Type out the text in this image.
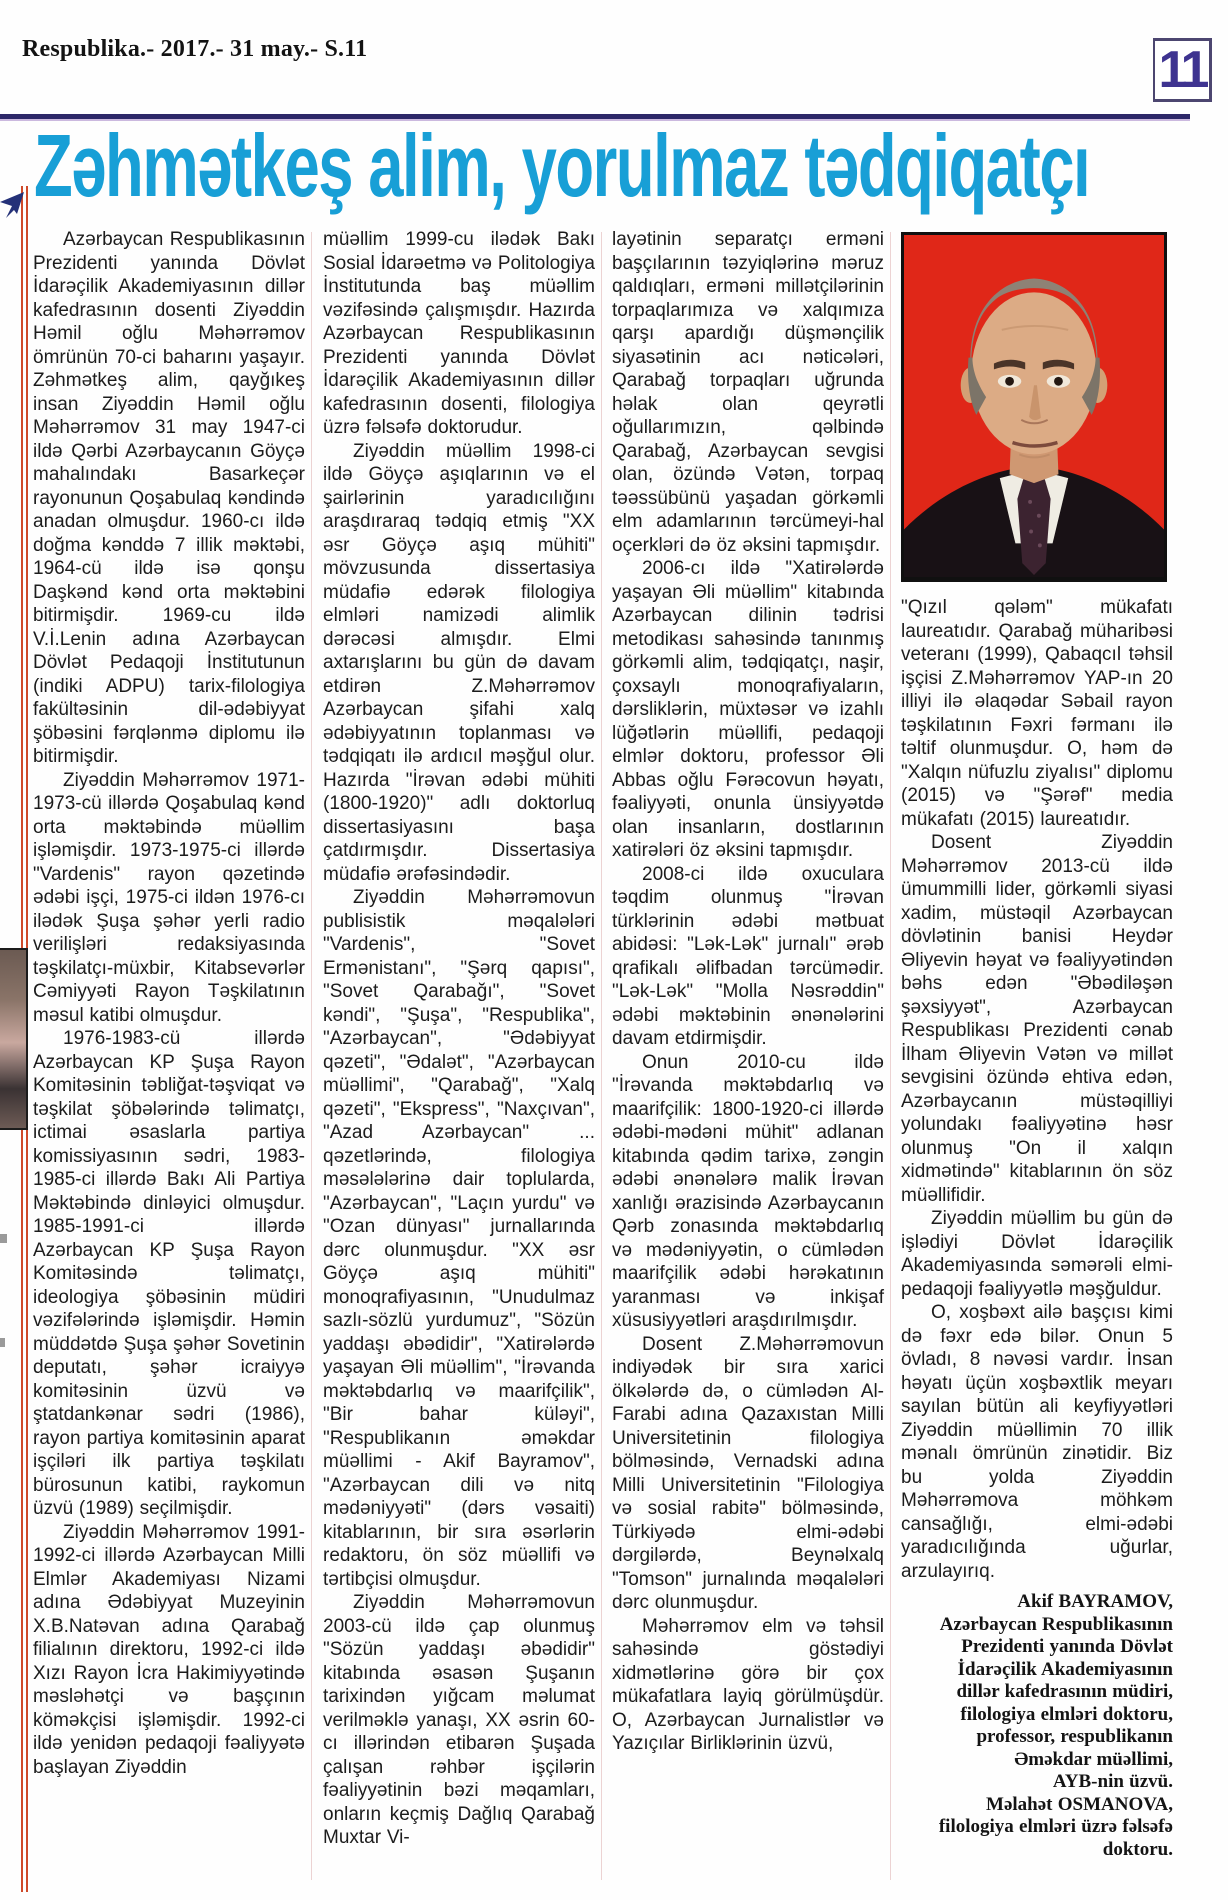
Respublika.- 2017.- 31 may.- S.11	11
Zəhmətkeş alim, yorulmaz tədqiqatçı
Azərbaycan Respublikasının Prezidenti yanında Dövlət İdarəçilik Akademiyasının dillər kafedrasının dosenti Ziyəddin Həmil oğlu Məhərrəmov ömrünün 70-ci baharını yaşayır. Zəhmətkeş alim, qayğıkeş insan Ziyəddin Həmil oğlu Məhərrəmov 31 may 1947-ci ildə Qərbi Azərbaycanın Göyçə mahalındakı Basarkeçər rayonunun Qoşabulaq kəndində anadan olmuşdur. 1960-cı ildə doğma kənddə 7 illik məktəbi, 1964-cü ildə isə qonşu Daşkənd kənd orta məktəbini bitirmişdir. 1969-cu ildə V.İ.Lenin adına Azərbaycan Dövlət Pedaqoji İnstitutunun (indiki ADPU) tarix-filologiya fakültəsinin dil-ədəbiyyat şöbəsini fərqlənmə diplomu ilə bitirmişdir.
Ziyəddin Məhərrəmov 1971-1973-cü illərdə Qoşabulaq kənd orta məktəbində müəllim işləmişdir. 1973-1975-ci illərdə "Vardenis" rayon qəzetində ədəbi işçi, 1975-ci ildən 1976-cı ilədək Şuşa şəhər yerli radio verilişləri redaksiyasında təşkilatçı-müxbir, Kitabsevərlər Cəmiyyəti Rayon Təşkilatının məsul katibi olmuşdur.
1976-1983-cü illərdə Azərbaycan KP Şuşa Rayon Komitəsinin təbliğat-təşviqat və təşkilat şöbələrində təlimatçı, ictimai əsaslarla partiya komissiyasının sədri, 1983-1985-ci illərdə Bakı Ali Partiya Məktəbində dinləyici olmuşdur. 1985-1991-ci illərdə Azərbaycan KP Şuşa Rayon Komitəsində təlimatçı, ideologiya şöbəsinin müdiri vəzifələrində işləmişdir. Həmin müddətdə Şuşa şəhər Sovetinin deputatı, şəhər icraiyyə komitəsinin üzvü və ştatdankənar sədri (1986), rayon partiya komitəsinin aparat işçiləri ilk partiya təşkilatı bürosunun katibi, raykomun üzvü (1989) seçilmişdir.
Ziyəddin Məhərrəmov 1991-1992-ci illərdə Azərbaycan Milli Elmlər Akademiyası Nizami adına Ədəbiyyat Muzeyinin X.B.Natəvan adına Qarabağ filialının direktoru, 1992-ci ildə Xızı Rayon İcra Hakimiyyətində məsləhətçi və başçının köməkçisi işləmişdir. 1992-ci ildə yenidən pedaqoji fəaliyyətə başlayan Ziyəddin
müəllim 1999-cu ilədək Bakı Sosial İdarəetmə və Politologiya İnstitutunda baş müəllim vəzifəsində çalışmışdır. Hazırda Azərbaycan Respublikasının Prezidenti yanında Dövlət İdarəçilik Akademiyasının dillər kafedrasının dosenti, filologiya üzrə fəlsəfə doktorudur.
Ziyəddin müəllim 1998-ci ildə Göyçə aşıqlarının və el şairlərinin yaradıcılığını araşdıraraq tədqiq etmiş "XX əsr Göyçə aşıq mühiti" mövzusunda dissertasiya müdafiə edərək filologiya elmləri namizədi alimlik dərəcəsi almışdır. Elmi axtarışlarını bu gün də davam etdirən Z.Məhərrəmov Azərbaycan şifahi xalq ədəbiyyatının toplanması və tədqiqatı ilə ardıcıl məşğul olur. Hazırda "İrəvan ədəbi mühiti (1800-1920)" adlı doktorluq dissertasiyasını başa çatdırmışdır. Dissertasiya müdafiə ərəfəsindədir.
Ziyəddin Məhərrəmovun publisistik məqalələri "Vardenis", "Sovet Ermənistanı", "Şərq qapısı", "Sovet Qarabağı", "Sovet kəndi", "Şuşa", "Respublika", "Azərbaycan", "Ədəbiyyat qəzeti", "Ədalət", "Azərbaycan müəllimi", "Qarabağ", "Xalq qəzeti", "Ekspress", "Naxçıvan", "Azad Azərbaycan" ... qəzetlərində, filologiya məsələlərinə dair toplularda, "Azərbaycan", "Laçın yurdu" və "Ozan dünyası" jurnallarında dərc olunmuşdur. "XX əsr Göyçə aşıq mühiti" monoqrafiyasının, "Unudulmaz sazlı-sözlü yurdumuz", "Sözün yaddaşı əbədidir", "Xatirələrdə yaşayan Əli müəllim", "İrəvanda məktəbdarlıq və maarifçilik", "Bir bahar küləyi", "Respublikanın əməkdar müəllimi - Akif Bayramov", "Azərbaycan dili və nitq mədəniyyəti" (dərs vəsaiti) kitablarının, bir sıra əsərlərin redaktoru, ön söz müəllifi və tərtibçisi olmuşdur.
Ziyəddin Məhərrəmovun 2003-cü ildə çap olunmuş "Sözün yaddaşı əbədidir" kitabında əsasən Şuşanın tarixindən yığcam məlumat verilməklə yanaşı, XX əsrin 60-cı illərindən etibarən Şuşada çalışan rəhbər işçilərin fəaliyyətinin bəzi məqamları, onların keçmiş Dağlıq Qarabağ Muxtar Vi-
layətinin separatçı erməni başçılarının təzyiqlərinə məruz qaldıqları, erməni millətçilərinin torpaqlarımıza və xalqımıza qarşı apardığı düşmənçilik siyasətinin acı nəticələri, Qarabağ torpaqları uğrunda həlak olan qeyrətli oğullarımızın, qəlbində Qarabağ, Azərbaycan sevgisi olan, özündə Vətən, torpaq təəssübünü yaşadan görkəmli elm adamlarının tərcümeyi-hal oçerkləri də öz əksini tapmışdır.
2006-cı ildə "Xatirələrdə yaşayan Əli müəllim" kitabında Azərbaycan dilinin tədrisi metodikası sahəsində tanınmış görkəmli alim, tədqiqatçı, naşir, çoxsaylı monoqrafiyaların, dərsliklərin, müxtəsər və izahlı lüğətlərin müəllifi, pedaqoji elmlər doktoru, professor Əli Abbas oğlu Fərəcovun həyatı, fəaliyyəti, onunla ünsiyyətdə olan insanların, dostlarının xatirələri öz əksini tapmışdır.
2008-ci ildə oxuculara təqdim olunmuş "İrəvan türklərinin ədəbi mətbuat abidəsi: "Lək-Lək" jurnalı" ərəb qrafikalı əlifbadan tərcümədir. "Lək-Lək" "Molla Nəsrəddin" ədəbi məktəbinin ənənələrini davam etdirmişdir.
Onun 2010-cu ildə "İrəvanda məktəbdarlıq və maarifçilik: 1800-1920-ci illərdə ədəbi-mədəni mühit" adlanan kitabında qədim tarixə, zəngin ədəbi ənənələrə malik İrəvan xanlığı ərazisində Azərbaycanın Qərb zonasında məktəbdarlıq və mədəniyyətin, o cümlədən maarifçilik ədəbi hərəkatının yaranması və inkişaf xüsusiyyətləri araşdırılmışdır.
Dosent Z.Məhərrəmovun indiyədək bir sıra xarici ölkələrdə də, o cümlədən Al-Farabi adına Qazaxıstan Milli Universitetinin filologiya bölməsində, Vernadski adına Milli Universitetinin "Filologiya və sosial rabitə" bölməsində, Türkiyədə elmi-ədəbi dərgilərdə, Beynəlxalq "Tomson" jurnalında məqalələri dərc olunmuşdur.
Məhərrəmov elm və təhsil sahəsində göstədiyi xidmətlərinə görə bir çox mükafatlara layiq görülmüşdür. O, Azərbaycan Jurnalistlər və Yazıçılar Birliklərinin üzvü,
"Qızıl qələm" mükafatı laureatıdır. Qarabağ müharibəsi veteranı (1999), Qabaqcıl təhsil işçisi Z.Məhərrəmov YAP-ın 20 illiyi ilə əlaqədar Səbail rayon təşkilatının Fəxri fərmanı ilə təltif olunmuşdur. O, həm də "Xalqın nüfuzlu ziyalısı" diplomu (2015) və "Şərəf" media mükafatı (2015) laureatıdır.
Dosent Ziyəddin Məhərrəmov 2013-cü ildə ümummilli lider, görkəmli siyasi xadim, müstəqil Azərbaycan dövlətinin banisi Heydər Əliyevin həyat və fəaliyyətindən bəhs edən "Əbədiləşən şəxsiyyət", Azərbaycan Respublikası Prezidenti cənab İlham Əliyevin Vətən və millət sevgisini özündə ehtiva edən, Azərbaycanın müstəqilliyi yolundakı fəaliyyətinə həsr olunmuş "On il xalqın xidmətində" kitablarının ön söz müəllifidir.
Ziyəddin müəllim bu gün də işlədiyi Dövlət İdarəçilik Akademiyasında səmərəli elmi-pedaqoji fəaliyyətlə məşğuldur.
O, xoşbəxt ailə başçısı kimi də fəxr edə bilər. Onun 5 övladı, 8 nəvəsi vardır. İnsan həyatı üçün xoşbəxtlik meyarı sayılan bütün ali keyfiyyətləri Ziyəddin müəllimin 70 illik mənalı ömrünün zinətidir. Biz bu yolda Ziyəddin Məhərrəmova möhkəm cansağlığı, elmi-ədəbi yaradıcılığında uğurlar, arzulayırıq.
Akif BAYRAMOV,
Azərbaycan Respublikasının
Prezidenti yanında Dövlət
İdarəçilik Akademiyasının
dillər kafedrasının müdiri,
filologiya elmləri doktoru,
professor, respublikanın
Əməkdar müəllimi,
AYB-nin üzvü.
Məlahət OSMANOVA,
filologiya elmləri üzrə fəlsəfə
doktoru.
